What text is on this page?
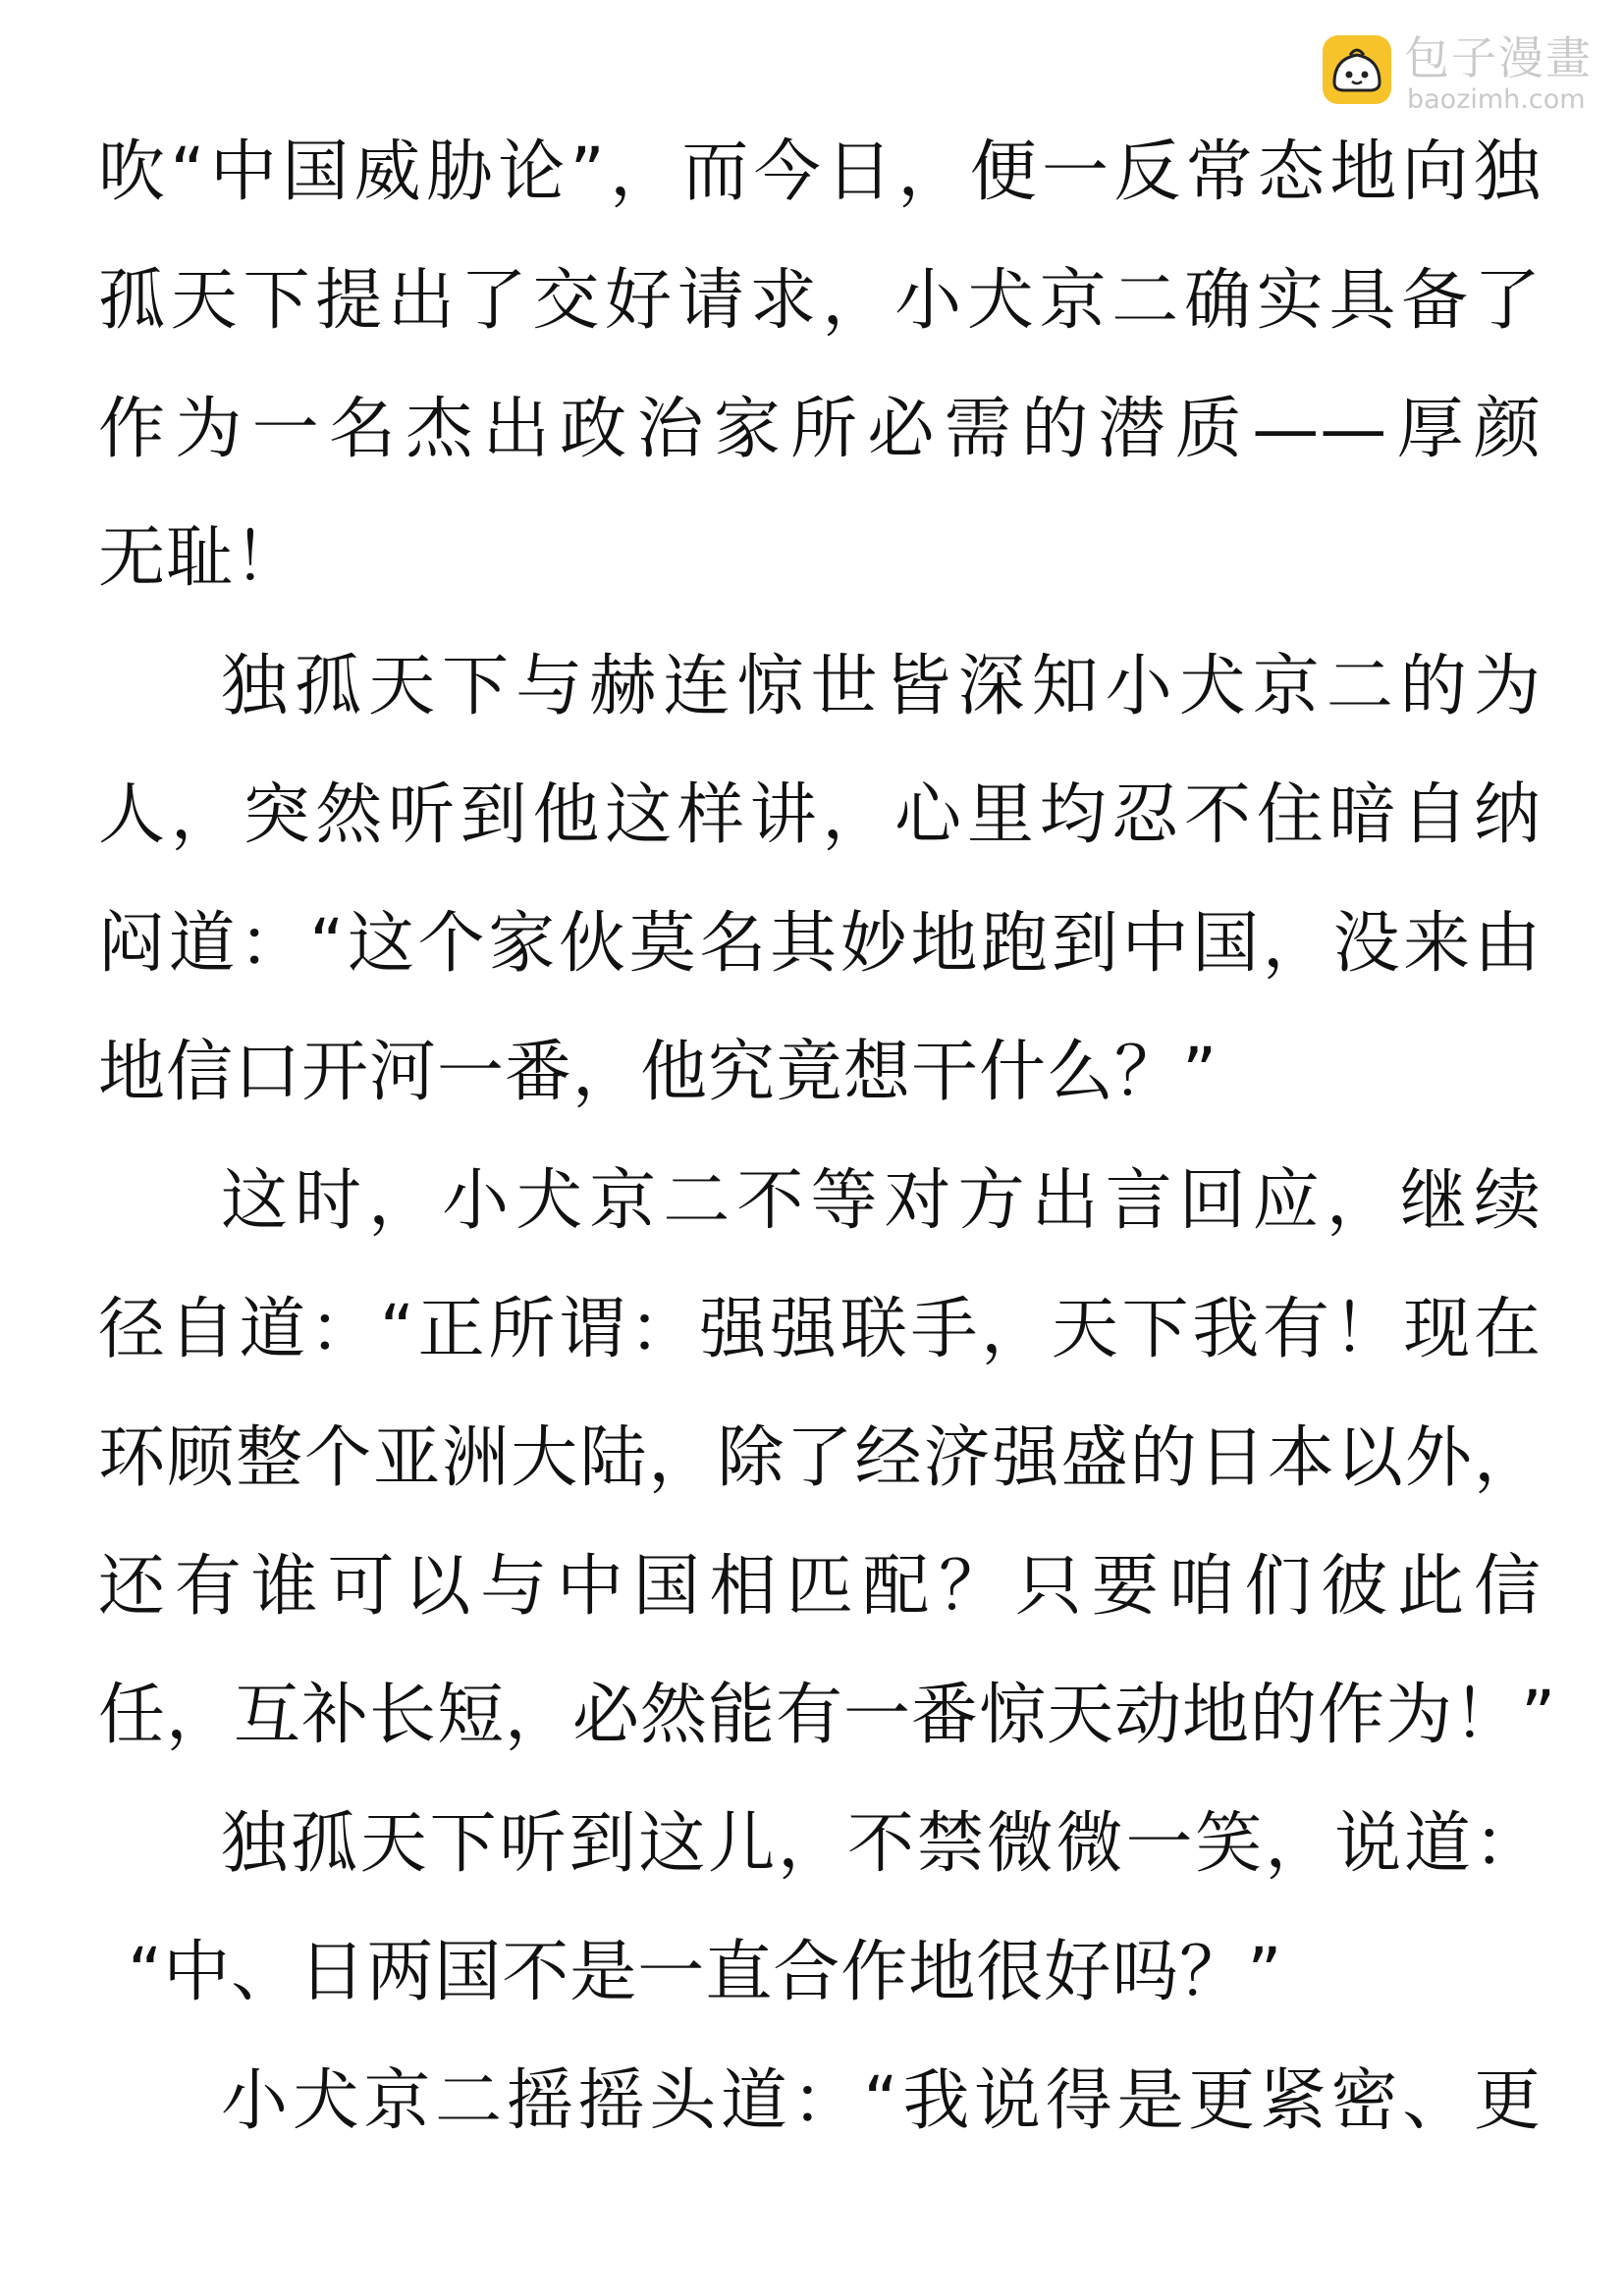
包子漫畫
baozimh.com
吹“中国威胁论”，而今日，便一反常态地向独
孤天下提出了交好请求，小犬京二确实具备了
作为一名杰出政治家所必需的潜质——厚颜
无耻！
独孤天下与赫连惊世皆深知小犬京二的为
人，突然听到他这样讲，心里均忍不住暗自纳
闷道：“这个家伙莫名其妙地跑到中国，没来由
地信口开河一番，他究竟想干什么？”
这时，小犬京二不等对方出言回应，继续
径自道：“正所谓：强强联手，天下我有！现在
环顾整个亚洲大陆，除了经济强盛的日本以外，
还有谁可以与中国相匹配？只要咱们彼此信
任，互补长短，必然能有一番惊天动地的作为！”
独孤天下听到这儿，不禁微微一笑，说道：
“中、日两国不是一直合作地很好吗？”
小犬京二摇摇头道：“我说得是更紧密、更
